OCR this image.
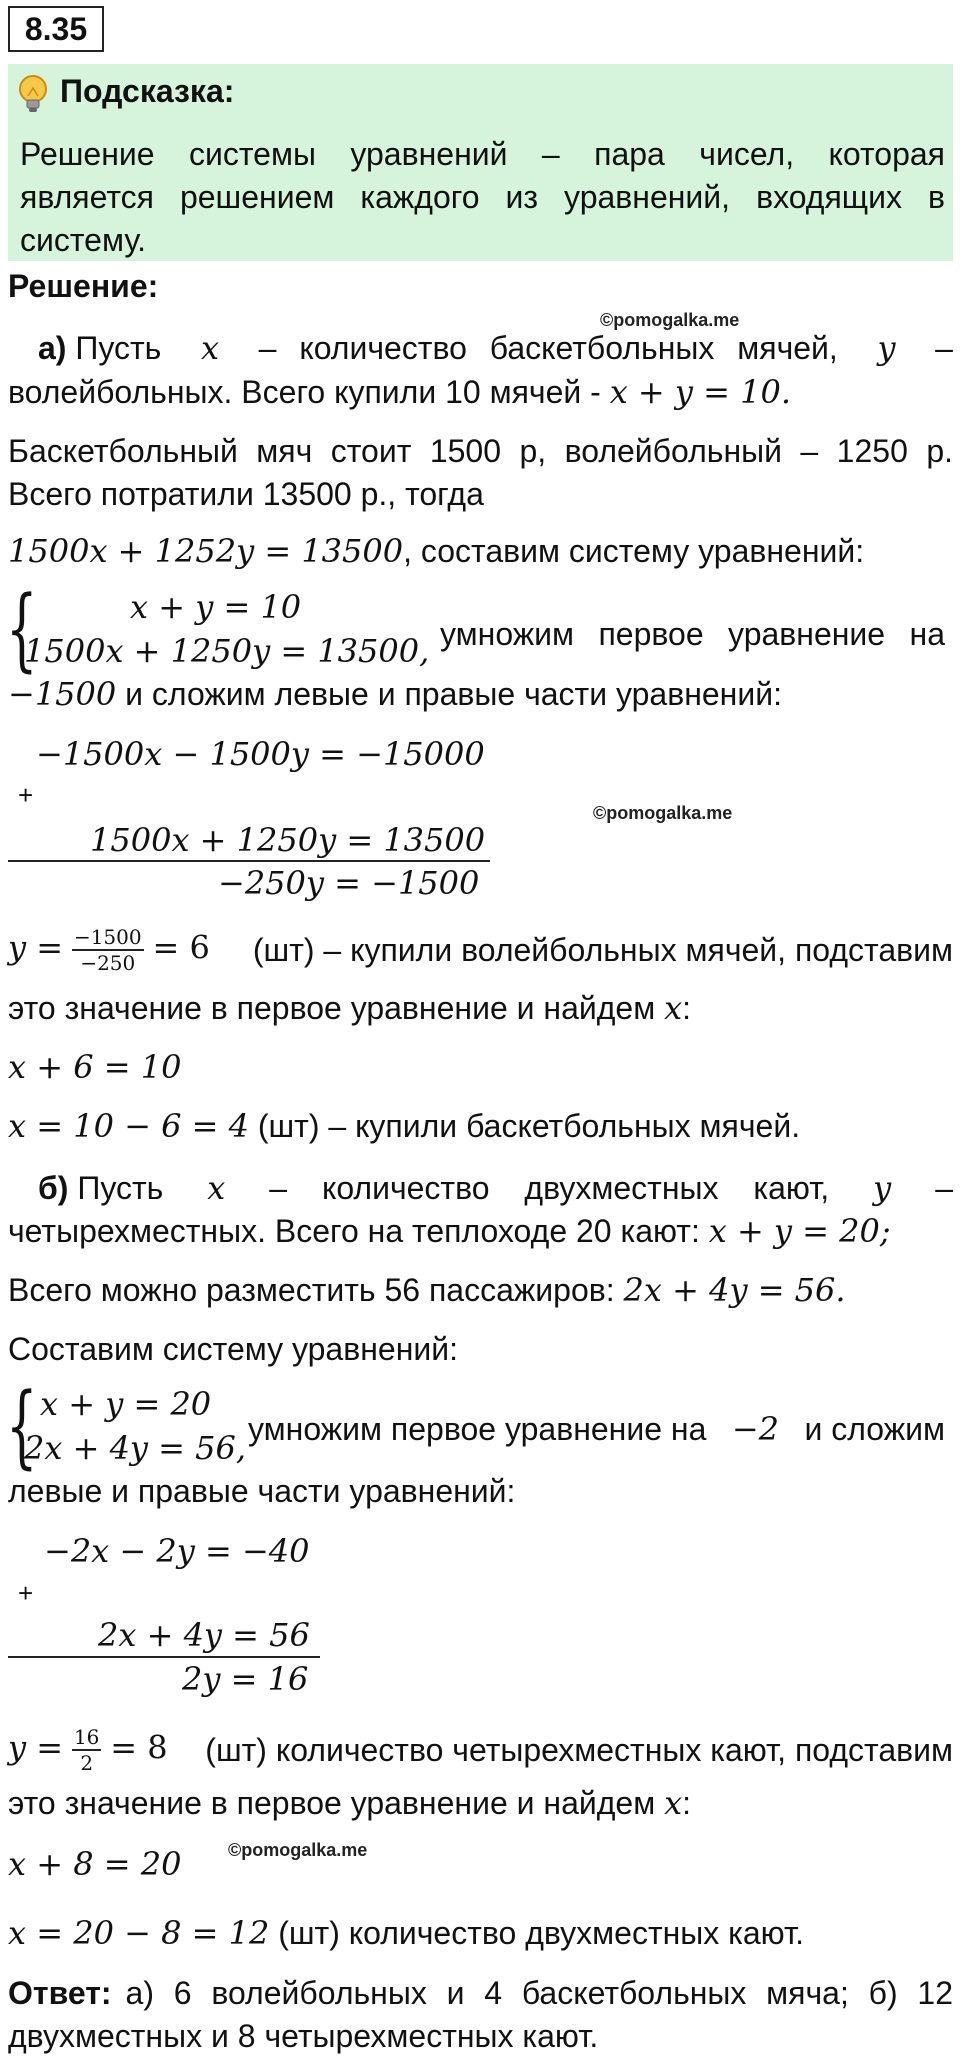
8.35
Подсказка:
Решение системы уравнений – пара чисел, которая
является решением каждого из уравнений, входящих в
систему.
Решение:
©pomogalka.me
а) Пусть x – количество баскетбольных мячей, y –
волейбольных. Всего купили 10 мячей - x + y = 10.
Баскетбольный мяч стоит 1500 р, волейбольный – 1250 р.
Всего потратили 13500 р., тогда
1500x + 1252y = 13500, составим систему уравнений:
{	x + y = 10
1500x + 1250y = 13500, умножим первое уравнение на
−1500 и сложим левые и правые части уравнений:
−1500x − 1500y = −15000
+
©pomogalka.me
1500x + 1250y = 13500
−250y = −1500
$y = \frac{-1500}{-250} = 6$ (шт) – купили волейбольных мячей, подставим
это значение в первое уравнение и найдем x:
x + 6 = 10
x = 10 − 6 = 4 (шт) – купили баскетбольных мячей.
б) Пусть x – количество двухместных кают, y –
четырехместных. Всего на теплоходе 20 кают: x + y = 20;
Всего можно разместить 56 пассажиров: 2x + 4y = 56.
Составим систему уравнений:
{ x + y = 20
2x + 4y = 56, умножим первое уравнение на −2 и сложим
левые и правые части уравнений:
−2x − 2y = −40
+
2x + 4y = 56
2y = 16
$y = \frac{16}{2} = 8$ (шт) количество четырехместных кают, подставим
это значение в первое уравнение и найдем x:
x + 8 = 20	©pomogalka.me
x = 20 − 8 = 12 (шт) количество двухместных кают.
Ответ: а) 6 волейбольных и 4 баскетбольных мяча; б) 12
двухместных и 8 четырехместных кают.
